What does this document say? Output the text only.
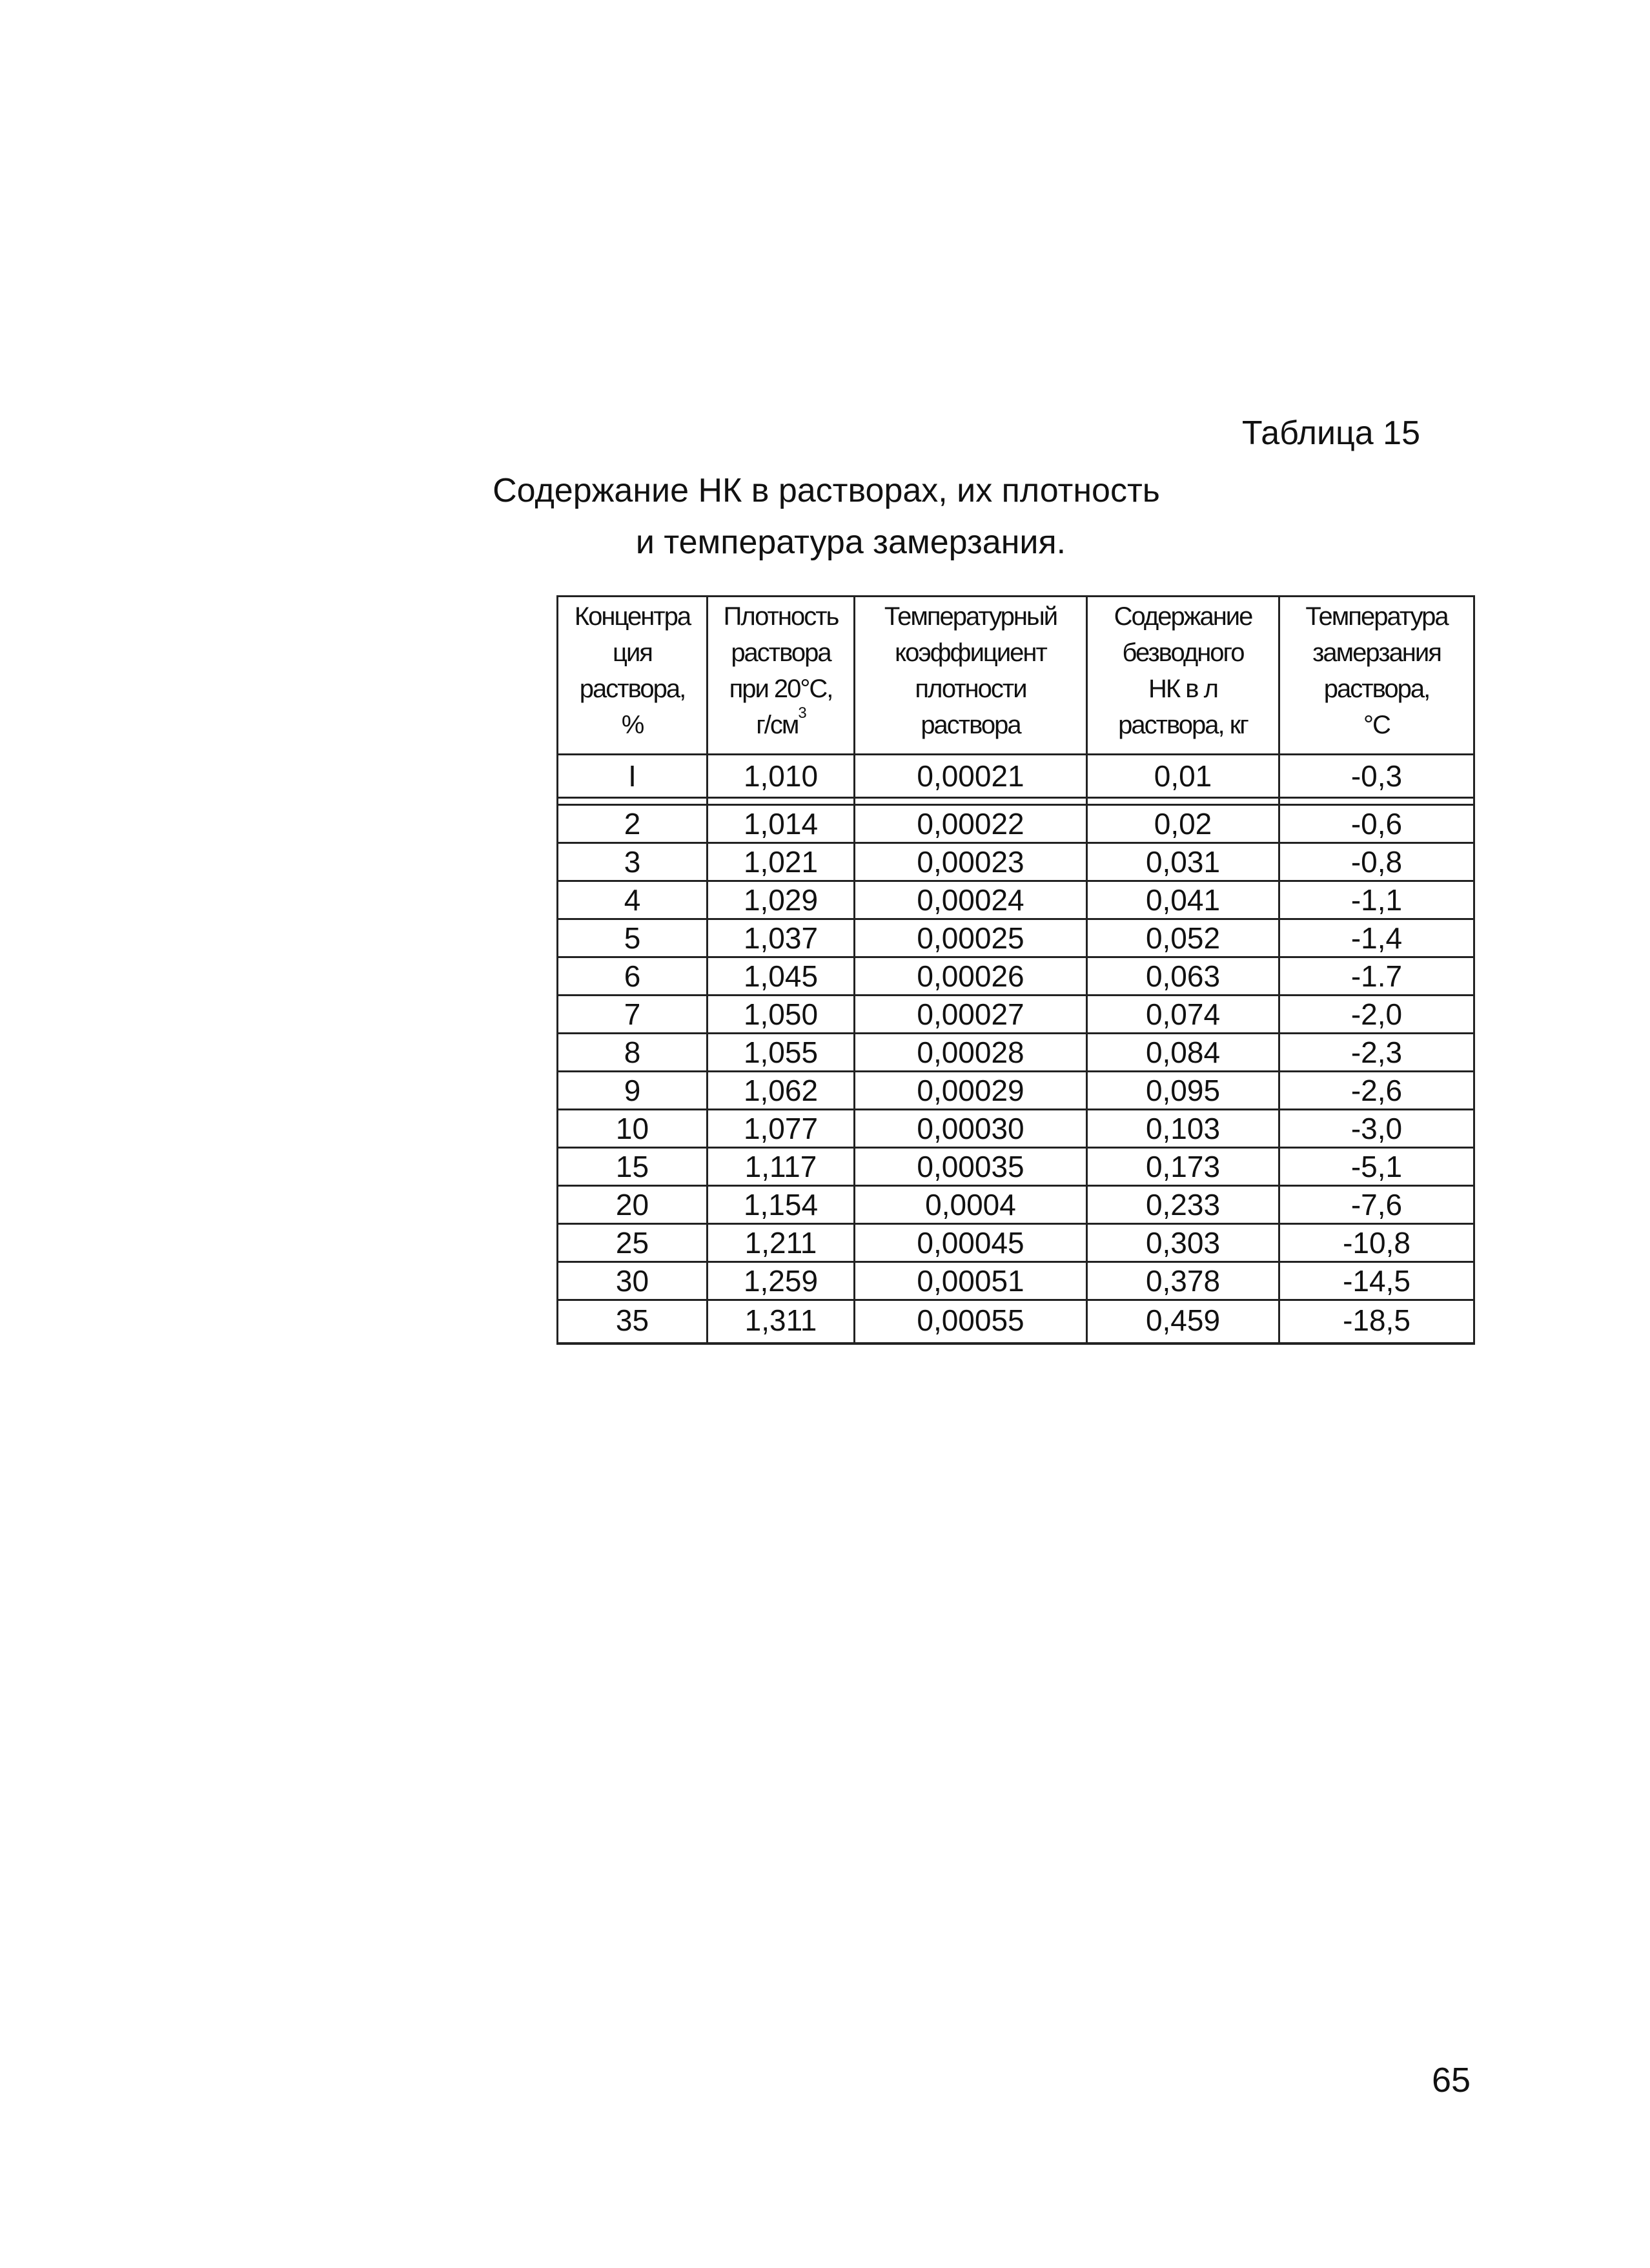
Таблица 15
Содержание НК в растворах, их плотность
и температура замерзания.
Концентра
ция
раствора,
%	Плотность
раствора
при 20°С,
$г/см^3$	Температурный
коэффициент
плотности
раствора	Содержание
безводного
НК в л
раствора, кг	Температура
замерзания
раствора,
°С

I	1,010	0,00021	0,01	-0,3

2	1,014	0,00022	0,02	-0,6
3	1,021	0,00023	0,031	-0,8
4	1,029	0,00024	0,041	-1,1
5	1,037	0,00025	0,052	-1,4
6	1,045	0,00026	0,063	-1.7
7	1,050	0,00027	0,074	-2,0
8	1,055	0,00028	0,084	-2,3
9	1,062	0,00029	0,095	-2,6
10	1,077	0,00030	0,103	-3,0
15	1,117	0,00035	0,173	-5,1
20	1,154	0,0004	0,233	-7,6
25	1,211	0,00045	0,303	-10,8
30	1,259	0,00051	0,378	-14,5
35	1,311	0,00055	0,459	-18,5
65
